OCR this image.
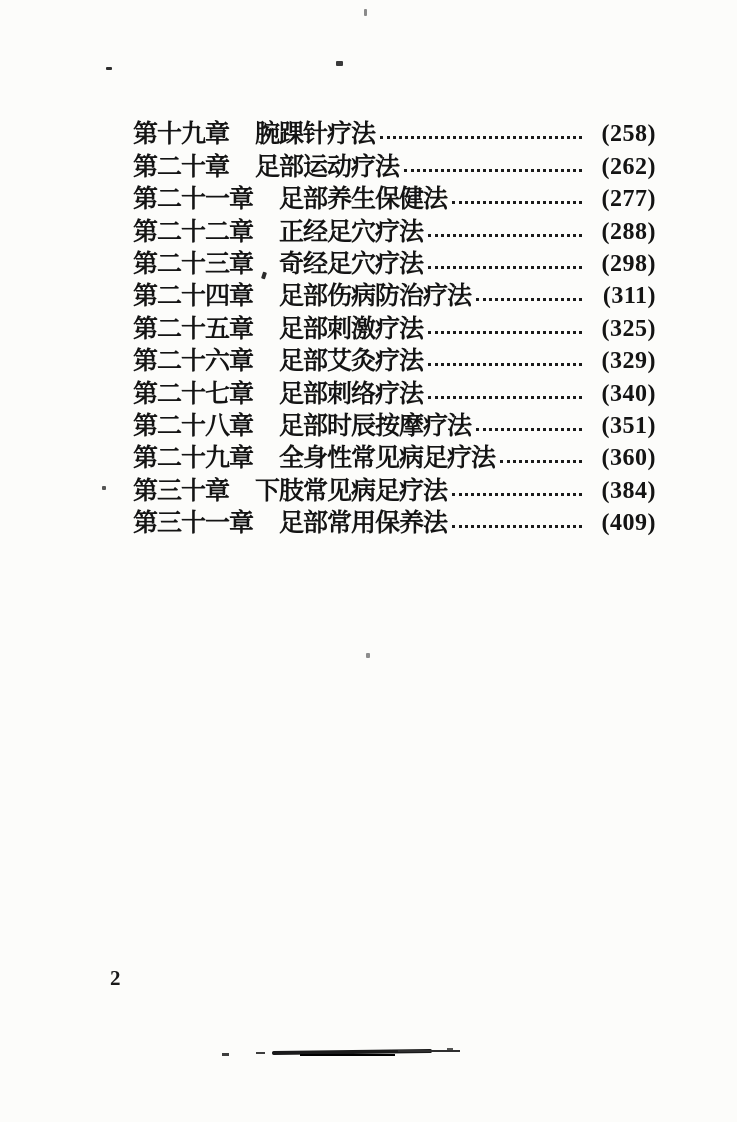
第十九章 腕踝针疗法	(258)
第二十章 足部运动疗法	(262)
第二十一章 足部养生保健法	(277)
第二十二章 正经足穴疗法	(288)
第二十三章 奇经足穴疗法	(298)
第二十四章 足部伤病防治疗法	(311)
第二十五章 足部刺激疗法	(325)
第二十六章 足部艾灸疗法	(329)
第二十七章 足部刺络疗法	(340)
第二十八章 足部时辰按摩疗法	(351)
第二十九章 全身性常见病足疗法	(360)
第三十章 下肢常见病足疗法	(384)
第三十一章 足部常用保养法	(409)
2
